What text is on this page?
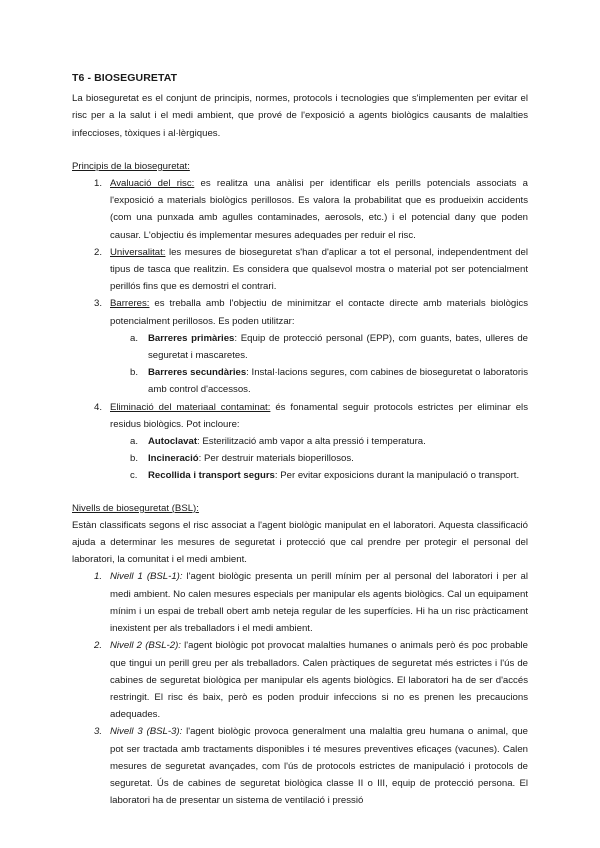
T6 - BIOSEGURETAT

La bioseguretat es el conjunt de principis, normes, protocols i tecnologies que s'implementen per evitar el risc per a la salut i el medi ambient, que prové de l'exposició a agents biològics causants de malalties infeccioses, tòxiques i al·lèrgiques.

Principis de la bioseguretat:

1. Avaluació del risc: es realitza una anàlisi per identificar els perills potencials associats a l'exposició a materials biològics perillosos. Es valora la probabilitat que es produeixin accidents (com una punxada amb agulles contaminades, aerosols, etc.) i el potencial dany que poden causar. L'objectiu és implementar mesures adequades per reduir el risc.
2. Universalitat: les mesures de bioseguretat s'han d'aplicar a tot el personal, independentment del tipus de tasca que realitzin. Es considera que qualsevol mostra o material pot ser potencialment perillós fins que es demostri el contrari.
3. Barreres: es treballa amb l'objectiu de minimitzar el contacte directe amb materials biològics potencialment perillosos. Es poden utilitzar:
a. Barreres primàries: Equip de protecció personal (EPP), com guants, bates, ulleres de seguretat i mascaretes.
b. Barreres secundàries: Instal·lacions segures, com cabines de bioseguretat o laboratoris amb control d'accessos.
4. Eliminació del materiaal contaminat: és fonamental seguir protocols estrictes per eliminar els residus biològics. Pot incloure:
a. Autoclavat: Esterilització amb vapor a alta pressió i temperatura.
b. Incineració: Per destruir materials bioperillosos.
c. Recollida i transport segurs: Per evitar exposicions durant la manipulació o transport.

Nivells de bioseguretat (BSL):

Estàn classificats segons el risc associat a l'agent biològic manipulat en el laboratori. Aquesta classificació ajuda a determinar les mesures de seguretat i protecció que cal prendre per protegir el personal del laboratori, la comunitat i el medi ambient.

1. Nivell 1 (BSL-1): l'agent biològic presenta un perill mínim per al personal del laboratori i per al medi ambient. No calen mesures especials per manipular els agents biològics. Cal un equipament mínim i un espai de treball obert amb neteja regular de les superfícies. Hi ha un risc pràcticament inexistent per als treballadors i el medi ambient.
2. Nivell 2 (BSL-2): l'agent biològic pot provocat malalties humanes o animals però és poc probable que tingui un perill greu per als treballadors. Calen pràctiques de seguretat més estrictes i l'ús de cabines de seguretat biològica per manipular els agents biològics. El laboratori ha de ser d'accés restringit. El risc és baix, però es poden produir infeccions si no es prenen les precaucions adequades.
3. Nivell 3 (BSL-3): l'agent biològic provoca generalment una malaltia greu humana o animal, que pot ser tractada amb tractaments disponibles i té mesures preventives eficaçes (vacunes). Calen mesures de seguretat avançades, com l'ús de protocols estrictes de manipulació i protocols de seguretat. Ús de cabines de seguretat biològica classe II o III, equip de protecció persona. El laboratori ha de presentar un sistema de ventilació i pressió
